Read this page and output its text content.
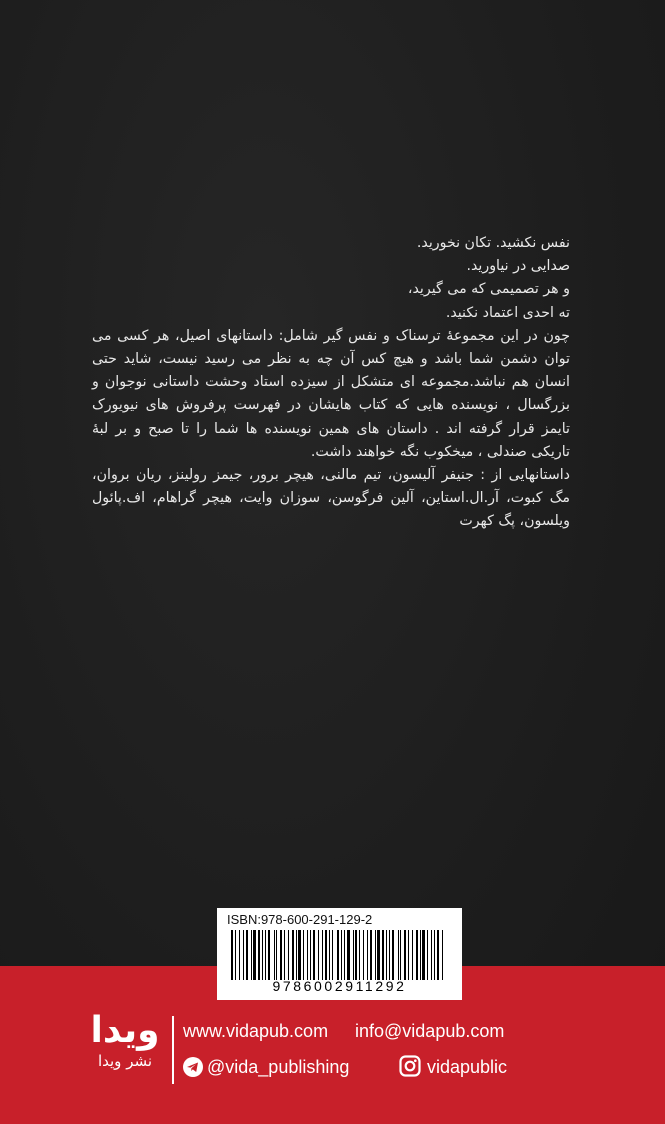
نفس نکشید. تکان نخورید.

صدایی در نیاورید.

و هر تصمیمی که می گیرید،

ته احدی اعتماد نکنید.

چون در این مجموعهٔ ترسناک و نفس گیر شامل: داستانهای اصیل، هر کسی می توان دشمن شما باشد و هیچ کس آن چه به نظر می رسید نیست، شاید حتی انسان هم نباشد.مجموعه ای متشکل از سیزده استاد وحشت داستانی نوجوان و بزرگسال ، نویسنده هایی که کتاب هایشان در فهرست پرفروش های نیویورک تایمز قرار گرفته اند . داستان های همین نویسنده ها شما را تا صبح و بر لبهٔ تاریکی صندلی ، میخکوب نگه خواهند داشت.

داستانهایی از : جنیفر آلیسون، تیم مالنی، هیچر برور، جیمز رولینز، ریان بروان، مگ کبوت، آر.ال.استاین، آلین فرگوسن، سوزان وایت، هیچر گراهام، اف.پائول ویلسون، پگ کهرت

ISBN:978-600-291-129-2
9786002911292
ویدا
نشر ویدا
www.vidapub.com info@vidapub.com
@vida_publishing	vidapublic
